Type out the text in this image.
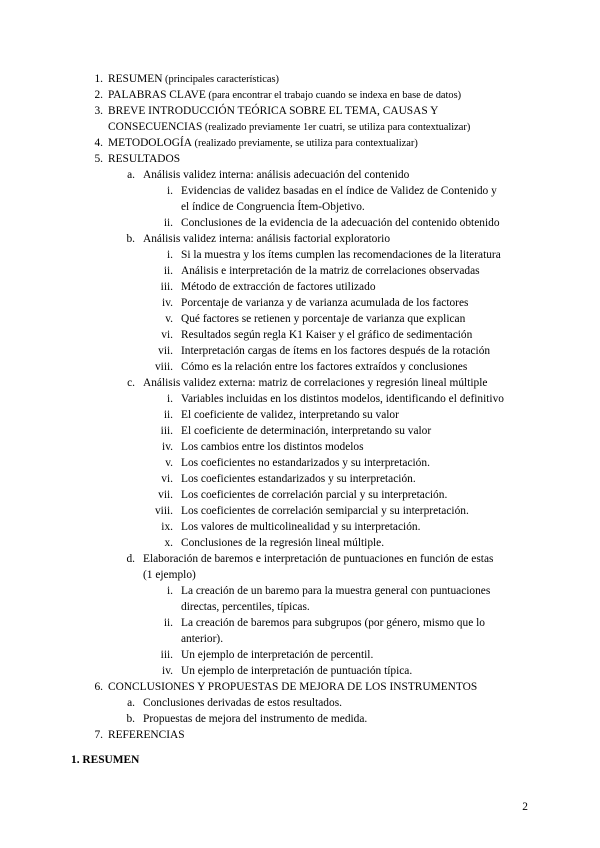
1. RESUMEN (principales características)
2. PALABRAS CLAVE (para encontrar el trabajo cuando se indexa en base de datos)
3. BREVE INTRODUCCIÓN TEÓRICA SOBRE EL TEMA, CAUSAS Y
CONSECUENCIAS (realizado previamente 1er cuatri, se utiliza para contextualizar)
4. METODOLOGÍA (realizado previamente, se utiliza para contextualizar)
5. RESULTADOS
a. Análisis validez interna: análisis adecuación del contenido
i. Evidencias de validez basadas en el índice de Validez de Contenido y
el índice de Congruencia Ítem-Objetivo.
ii. Conclusiones de la evidencia de la adecuación del contenido obtenido
b. Análisis validez interna: análisis factorial exploratorio
i. Si la muestra y los ítems cumplen las recomendaciones de la literatura
ii. Análisis e interpretación de la matriz de correlaciones observadas
iii. Método de extracción de factores utilizado
iv. Porcentaje de varianza y de varianza acumulada de los factores
v. Qué factores se retienen y porcentaje de varianza que explican
vi. Resultados según regla K1 Kaiser y el gráfico de sedimentación
vii. Interpretación cargas de ítems en los factores después de la rotación
viii. Cómo es la relación entre los factores extraídos y conclusiones
c. Análisis validez externa: matriz de correlaciones y regresión lineal múltiple
i. Variables incluidas en los distintos modelos, identificando el definitivo
ii. El coeficiente de validez, interpretando su valor
iii. El coeficiente de determinación, interpretando su valor
iv. Los cambios entre los distintos modelos
v. Los coeficientes no estandarizados y su interpretación.
vi. Los coeficientes estandarizados y su interpretación.
vii. Los coeficientes de correlación parcial y su interpretación.
viii. Los coeficientes de correlación semiparcial y su interpretación.
ix. Los valores de multicolinealidad y su interpretación.
x. Conclusiones de la regresión lineal múltiple.
d. Elaboración de baremos e interpretación de puntuaciones en función de estas
(1 ejemplo)
i. La creación de un baremo para la muestra general con puntuaciones
directas, percentiles, típicas.
ii. La creación de baremos para subgrupos (por género, mismo que lo
anterior).
iii. Un ejemplo de interpretación de percentil.
iv. Un ejemplo de interpretación de puntuación típica.
6. CONCLUSIONES Y PROPUESTAS DE MEJORA DE LOS INSTRUMENTOS
a. Conclusiones derivadas de estos resultados.
b. Propuestas de mejora del instrumento de medida.
7. REFERENCIAS
1. RESUMEN
2
